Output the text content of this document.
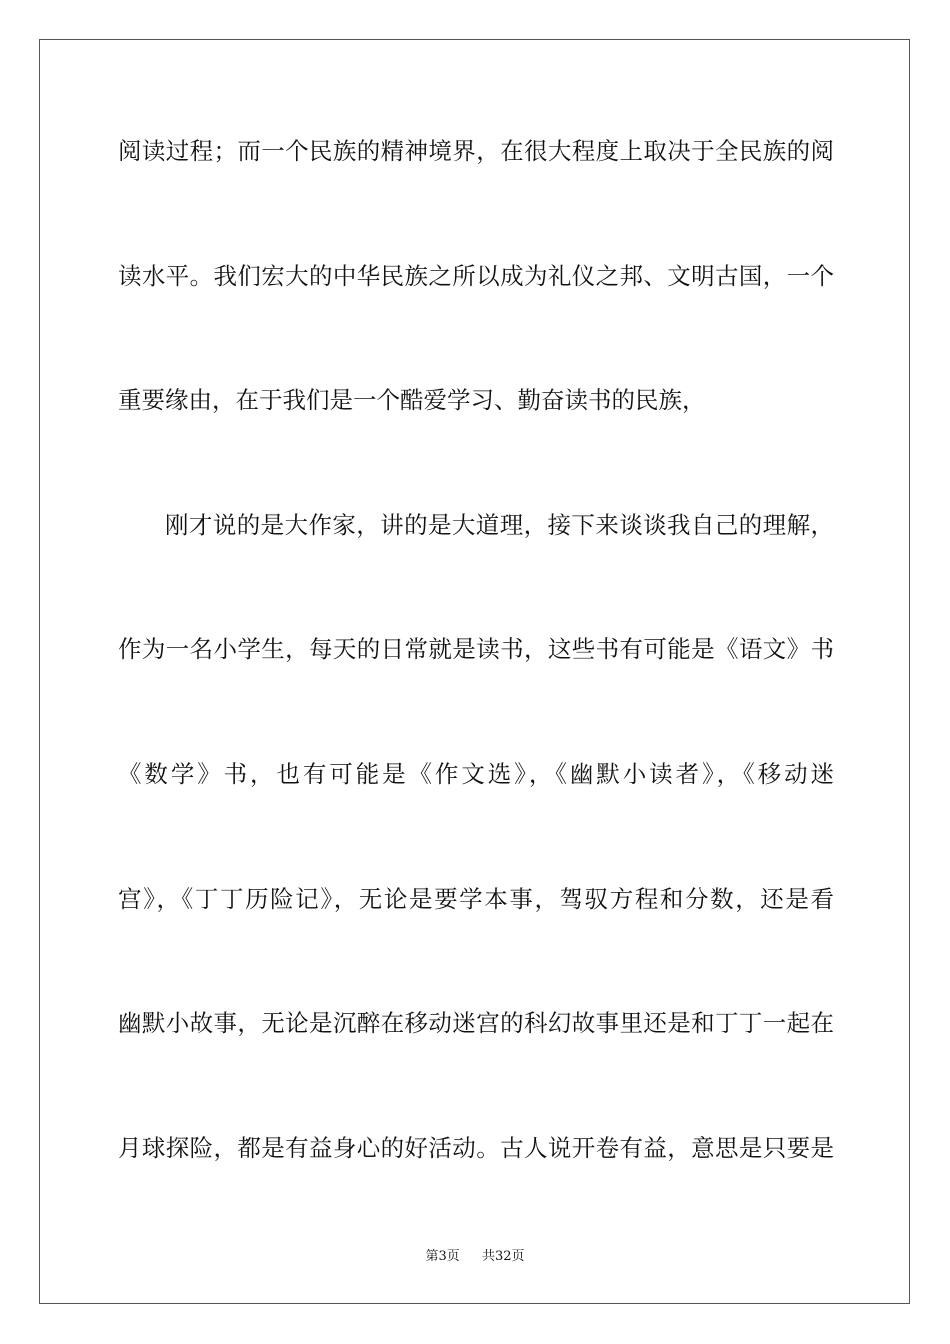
阅读过程；而一个民族的精神境界，在很大程度上取决于全民族的阅
读水平。我们宏大的中华民族之所以成为礼仪之邦、文明古国，一个
重要缘由，在于我们是一个酷爱学习、勤奋读书的民族，
刚才说的是大作家，讲的是大道理，接下来谈谈我自己的理解，
作为一名小学生，每天的日常就是读书，这些书有可能是《语文》书
《数学》书，也有可能是《作文选》，《幽默小读者》，《移动迷
宫》，《丁丁历险记》，无论是要学本事，驾驭方程和分数，还是看
幽默小故事，无论是沉醉在移动迷宫的科幻故事里还是和丁丁一起在
月球探险，都是有益身心的好活动。古人说开卷有益，意思是只要是
第3页 共32页
